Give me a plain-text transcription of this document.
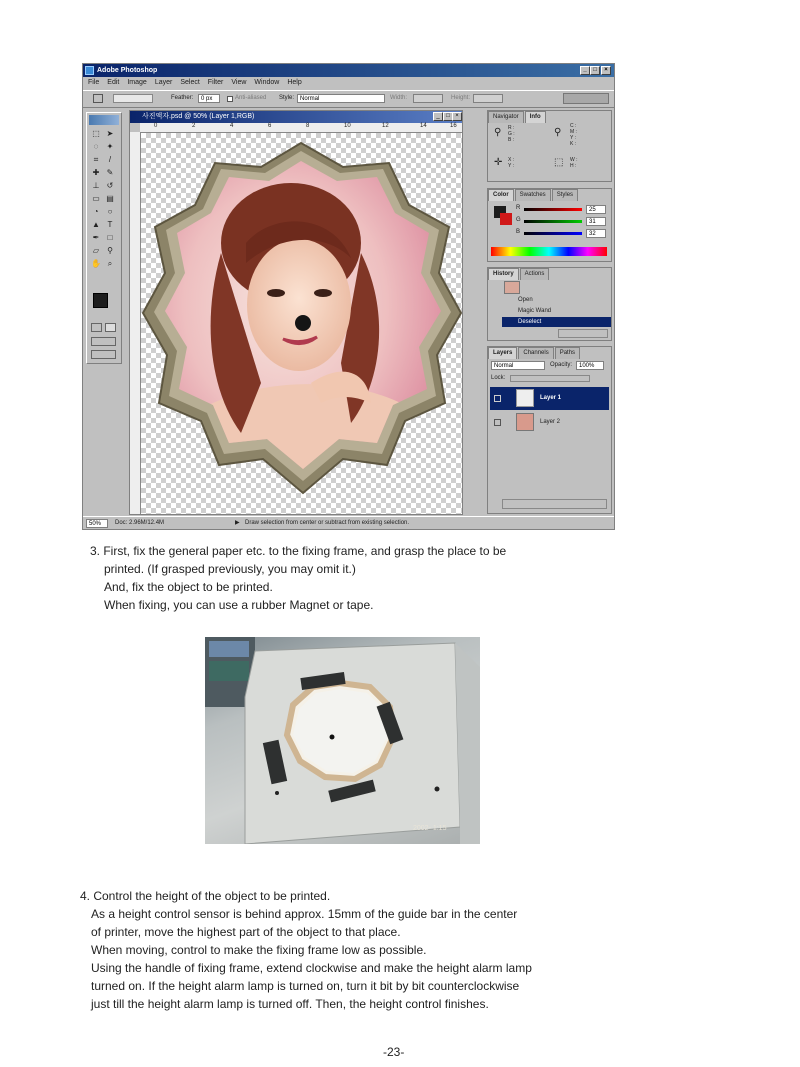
Adobe Photoshop	_	□	×
File Edit Image Layer Select Filter View Window Help
Feather:	0 px	Anti-aliased Style: Normal	Width:	Height:
⬚ ➤
◌	✦
⌗	/
✚ ✎
⊥ ↺
▭ ▤
◔	○
▲ T
✒	□
▱ ⚲
✋ ⌕
사진액자.psd @ 50% (Layer 1,RGB)	_	□ ×
0	2	4	6	8	10	12	14	16
Navigator Info
⚲ R :
G :
B :
⚲
C :
M :
Y :
K :
✛ X :
Y :	⬚ W :
H :
Color Swatches Styles
R	25
G	31
B	32
History Actions
Open
Magic Wand
Deselect
Layers Channels Paths
Normal	Opacity:	100%
Lock:
Layer 1
Layer 2
50%	Doc: 2.96M/12.4M	▶ Draw selection from center or subtract from existing selection.
3. First, fix the general paper etc. to the fixing frame, and grasp the place to be
printed. (If grasped previously, you may omit it.)
And, fix the object to be printed.
When fixing, you can use a rubber Magnet or tape.
2002- 1:15
4. Control the height of the object to be printed.
As a height control sensor is behind approx. 15mm of the guide bar in the center
of printer, move the highest part of the object to that place.
When moving, control to make the fixing frame low as possible.
Using the handle of fixing frame, extend clockwise and make the height alarm lamp
turned on. If the height alarm lamp is turned on, turn it bit by bit counterclockwise
just till the height alarm lamp is turned off. Then, the height control finishes.
-23-
